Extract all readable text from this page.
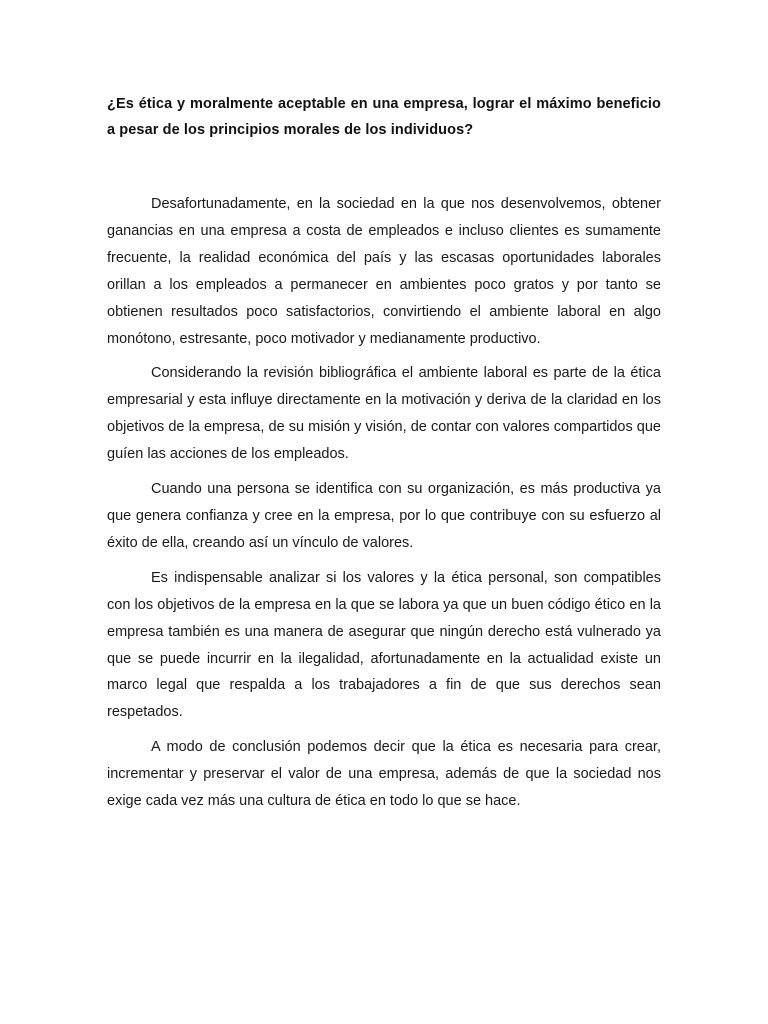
¿Es ética y moralmente aceptable en una empresa, lograr el máximo beneficio a pesar de los principios morales de los individuos?

Desafortunadamente, en la sociedad en la que nos desenvolvemos, obtener ganancias en una empresa a costa de empleados e incluso clientes es sumamente frecuente, la realidad económica del país y las escasas oportunidades laborales orillan a los empleados a permanecer en ambientes poco gratos y por tanto se obtienen resultados poco satisfactorios, convirtiendo el ambiente laboral en algo monótono, estresante, poco motivador y medianamente productivo.

Considerando la revisión bibliográfica el ambiente laboral es parte de la ética empresarial y esta influye directamente en la motivación y deriva de la claridad en los objetivos de la empresa, de su misión y visión, de contar con valores compartidos que guíen las acciones de los empleados.

Cuando una persona se identifica con su organización, es más productiva ya que genera confianza y cree en la empresa, por lo que contribuye con su esfuerzo al éxito de ella, creando así un vínculo de valores.

Es indispensable analizar si los valores y la ética personal, son compatibles con los objetivos de la empresa en la que se labora ya que un buen código ético en la empresa también es una manera de asegurar que ningún derecho está vulnerado ya que se puede incurrir en la ilegalidad, afortunadamente en la actualidad existe un marco legal que respalda a los trabajadores a fin de que sus derechos sean respetados.

A modo de conclusión podemos decir que la ética es necesaria para crear, incrementar y preservar el valor de una empresa, además de que la sociedad nos exige cada vez más una cultura de ética en todo lo que se hace.
